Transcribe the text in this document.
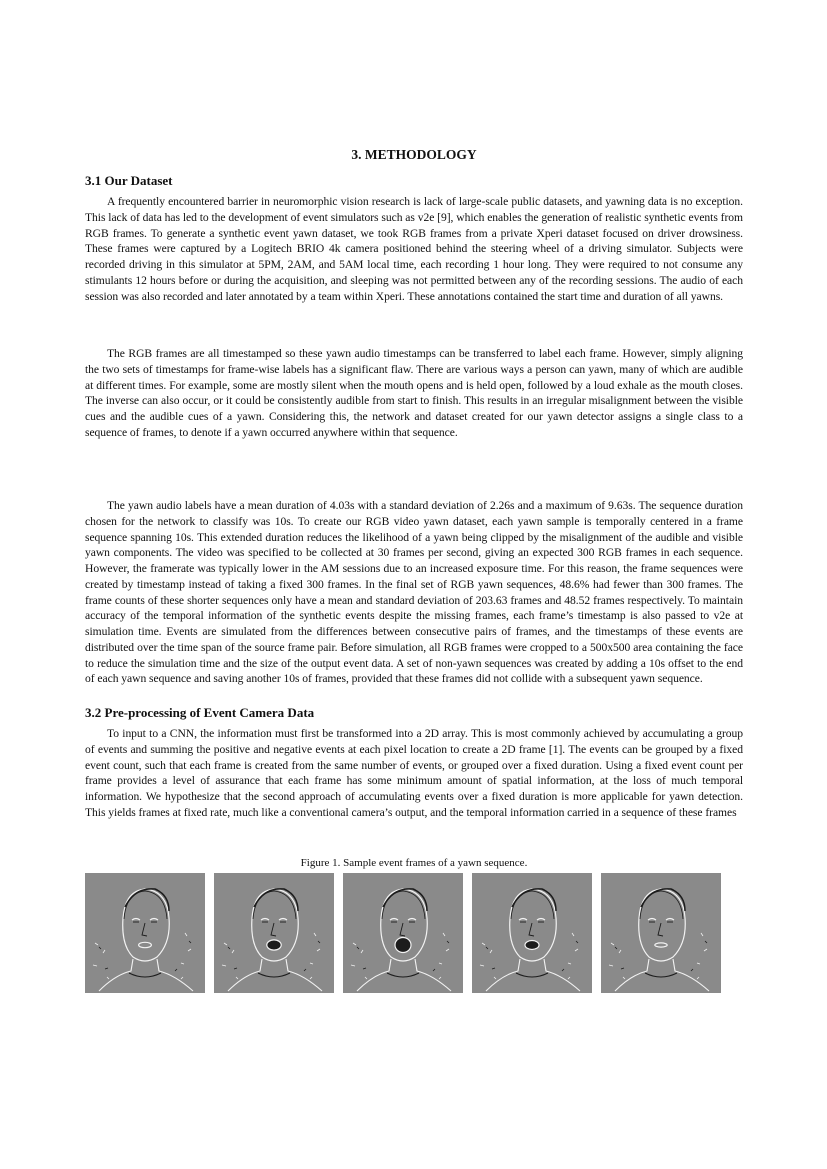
3. METHODOLOGY
3.1 Our Dataset

A frequently encountered barrier in neuromorphic vision research is lack of large-scale public datasets, and yawning data is no exception. This lack of data has led to the development of event simulators such as v2e [9], which enables the generation of realistic synthetic events from RGB frames. To generate a synthetic event yawn dataset, we took RGB frames from a private Xperi dataset focused on driver drowsiness. These frames were captured by a Logitech BRIO 4k camera positioned behind the steering wheel of a driving simulator. Subjects were recorded driving in this simulator at 5PM, 2AM, and 5AM local time, each recording 1 hour long. They were required to not consume any stimulants 12 hours before or during the acquisition, and sleeping was not permitted between any of the recording sessions. The audio of each session was also recorded and later annotated by a team within Xperi. These annotations contained the start time and duration of all yawns.

The RGB frames are all timestamped so these yawn audio timestamps can be transferred to label each frame. However, simply aligning the two sets of timestamps for frame-wise labels has a significant flaw. There are various ways a person can yawn, many of which are audible at different times. For example, some are mostly silent when the mouth opens and is held open, followed by a loud exhale as the mouth closes. The inverse can also occur, or it could be consistently audible from start to finish. This results in an irregular misalignment between the visible cues and the audible cues of a yawn. Considering this, the network and dataset created for our yawn detector assigns a single class to a sequence of frames, to denote if a yawn occurred anywhere within that sequence.

The yawn audio labels have a mean duration of 4.03s with a standard deviation of 2.26s and a maximum of 9.63s. The sequence duration chosen for the network to classify was 10s. To create our RGB video yawn dataset, each yawn sample is temporally centered in a frame sequence spanning 10s. This extended duration reduces the likelihood of a yawn being clipped by the misalignment of the audible and visible yawn components. The video was specified to be collected at 30 frames per second, giving an expected 300 RGB frames in each sequence. However, the framerate was typically lower in the AM sessions due to an increased exposure time. For this reason, the frame sequences were created by timestamp instead of taking a fixed 300 frames. In the final set of RGB yawn sequences, 48.6% had fewer than 300 frames. The frame counts of these shorter sequences only have a mean and standard deviation of 203.63 frames and 48.52 frames respectively. To maintain accuracy of the temporal information of the synthetic events despite the missing frames, each frame’s timestamp is also passed to v2e at simulation time. Events are simulated from the differences between consecutive pairs of frames, and the timestamps of these events are distributed over the time span of the source frame pair. Before simulation, all RGB frames were cropped to a 500x500 area containing the face to reduce the simulation time and the size of the output event data. A set of non-yawn sequences was created by adding a 10s offset to the end of each yawn sequence and saving another 10s of frames, provided that these frames did not collide with a subsequent yawn sequence.

3.2 Pre-processing of Event Camera Data

To input to a CNN, the information must first be transformed into a 2D array. This is most commonly achieved by accumulating a group of events and summing the positive and negative events at each pixel location to create a 2D frame [1]. The events can be grouped by a fixed event count, such that each frame is created from the same number of events, or grouped over a fixed duration. Using a fixed event count per frame provides a level of assurance that each frame has some minimum amount of spatial information, at the loss of much temporal information. We hypothesize that the second approach of accumulating events over a fixed duration is more applicable for yawn detection. This yields frames at fixed rate, much like a conventional camera’s output, and the temporal information carried in a sequence of these frames

Figure 1. Sample event frames of a yawn sequence.
